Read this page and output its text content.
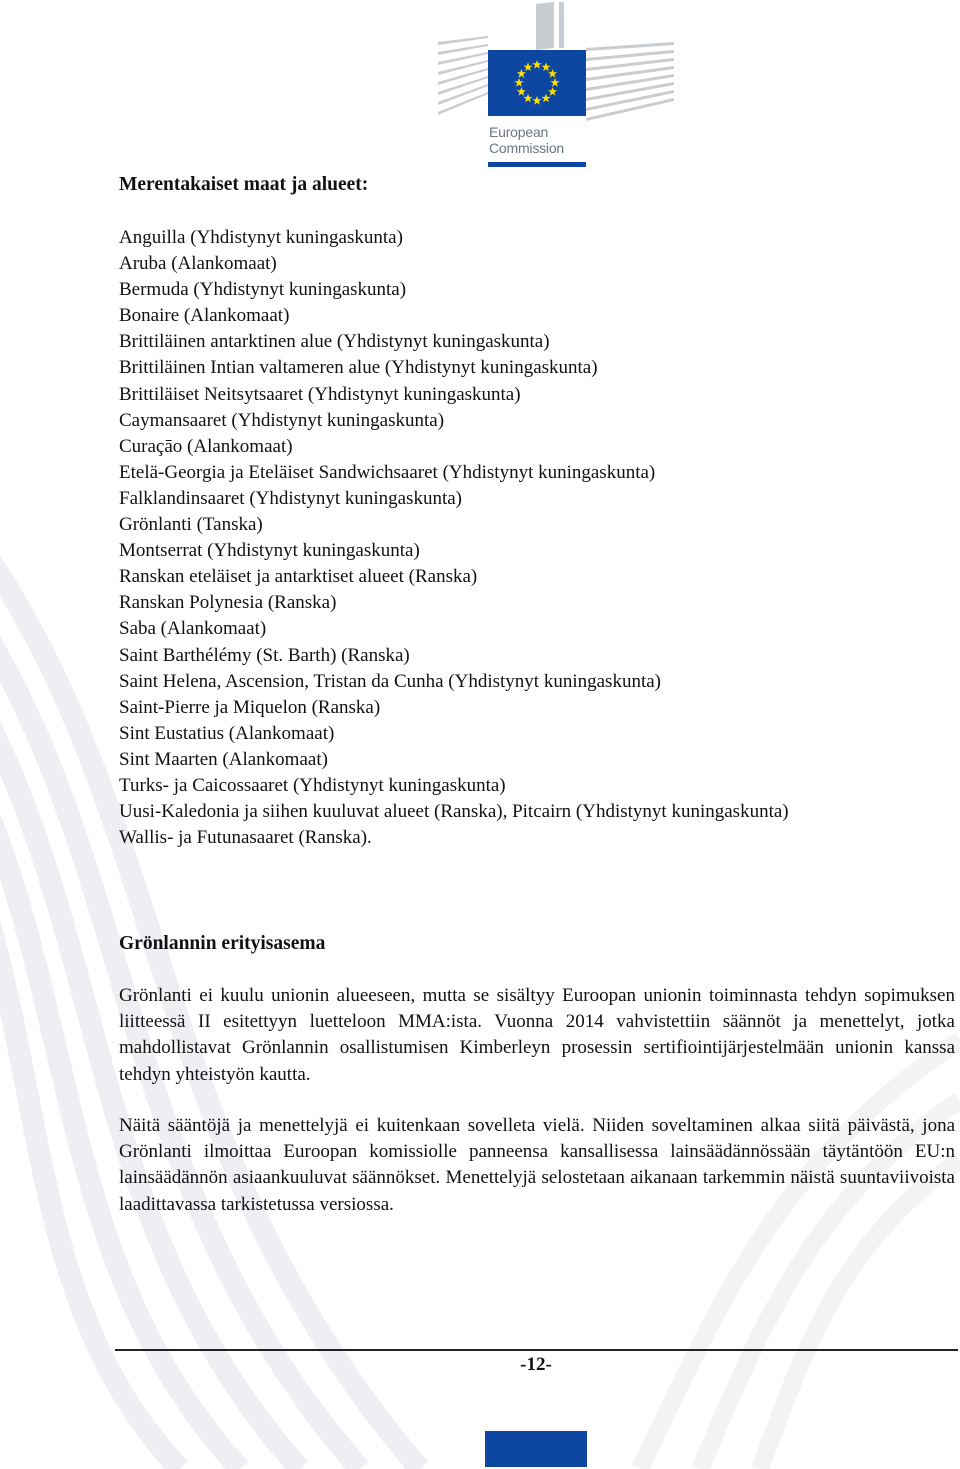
European
Commission
Merentakaiset maat ja alueet:
Anguilla (Yhdistynyt kuningaskunta)
Aruba (Alankomaat)
Bermuda (Yhdistynyt kuningaskunta)
Bonaire (Alankomaat)
Brittiläinen antarktinen alue (Yhdistynyt kuningaskunta)
Brittiläinen Intian valtameren alue (Yhdistynyt kuningaskunta)
Brittiläiset Neitsytsaaret (Yhdistynyt kuningaskunta)
Caymansaaret (Yhdistynyt kuningaskunta)
Curaçāo (Alankomaat)
Etelä-Georgia ja Eteläiset Sandwichsaaret (Yhdistynyt kuningaskunta)
Falklandinsaaret (Yhdistynyt kuningaskunta)
Grönlanti (Tanska)
Montserrat (Yhdistynyt kuningaskunta)
Ranskan eteläiset ja antarktiset alueet (Ranska)
Ranskan Polynesia (Ranska)
Saba (Alankomaat)
Saint Barthélémy (St. Barth) (Ranska)
Saint Helena, Ascension, Tristan da Cunha (Yhdistynyt kuningaskunta)
Saint-Pierre ja Miquelon (Ranska)
Sint Eustatius (Alankomaat)
Sint Maarten (Alankomaat)
Turks- ja Caicossaaret (Yhdistynyt kuningaskunta)
Uusi-Kaledonia ja siihen kuuluvat alueet (Ranska), Pitcairn (Yhdistynyt kuningaskunta)
Wallis- ja Futunasaaret (Ranska).
Grönlannin erityisasema

Grönlanti ei kuulu unionin alueeseen, mutta se sisältyy Euroopan unionin toiminnasta tehdyn sopimuksen liitteessä II esitettyyn luetteloon MMA:ista. Vuonna 2014 vahvistettiin säännöt ja menettelyt, jotka mahdollistavat Grönlannin osallistumisen Kimberleyn prosessin sertifiointijärjestelmään unionin kanssa tehdyn yhteistyön kautta.

Näitä sääntöjä ja menettelyjä ei kuitenkaan sovelleta vielä. Niiden soveltaminen alkaa siitä päivästä, jona Grönlanti ilmoittaa Euroopan komissiolle panneensa kansallisessa lainsäädännössään täytäntöön EU:n lainsäädännön asiaankuuluvat säännökset. Menettelyjä selostetaan aikanaan tarkemmin näistä suuntaviivoista laadittavassa tarkistetussa versiossa.

-12-
